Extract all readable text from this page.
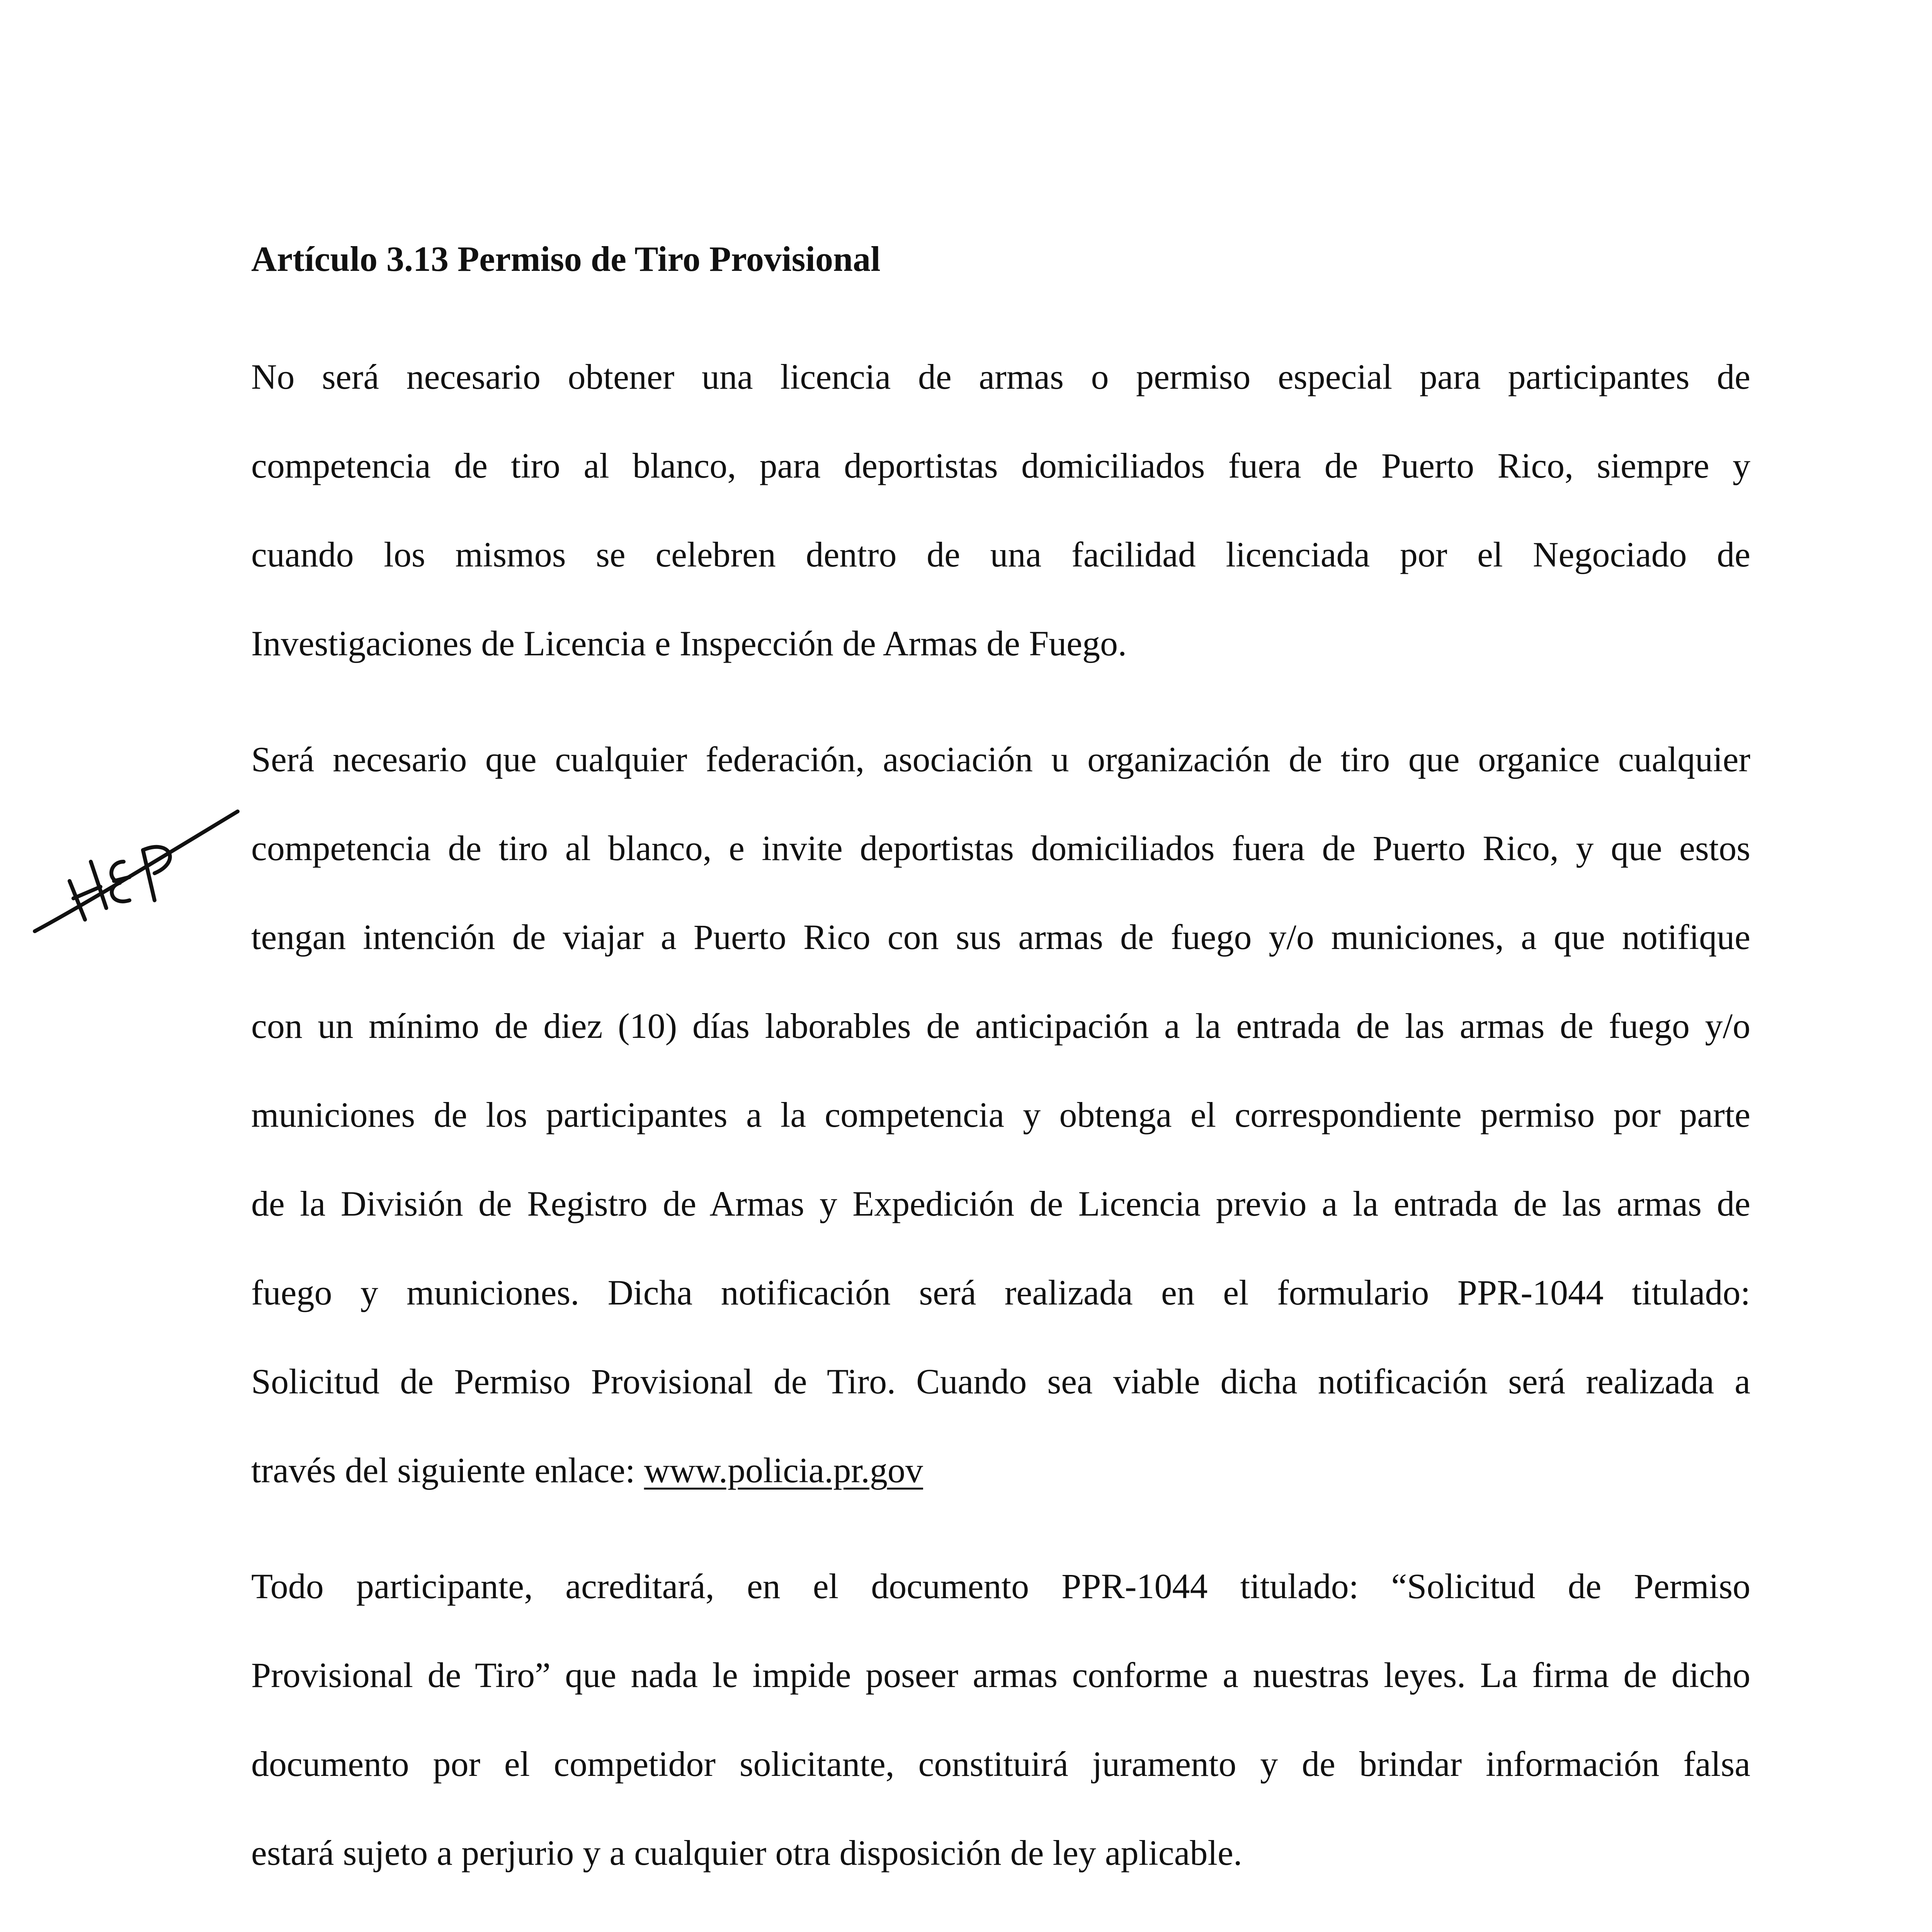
Artículo 3.13 Permiso de Tiro Provisional

No será necesario obtener una licencia de armas o permiso especial para participantes de
competencia de tiro al blanco, para deportistas domiciliados fuera de Puerto Rico, siempre y
cuando los mismos se celebren dentro de una facilidad licenciada por el Negociado de
Investigaciones de Licencia e Inspección de Armas de Fuego.

Será necesario que cualquier federación, asociación u organización de tiro que organice cualquier
competencia de tiro al blanco, e invite deportistas domiciliados fuera de Puerto Rico, y que estos
tengan intención de viajar a Puerto Rico con sus armas de fuego y/o municiones, a que notifique
con un mínimo de diez (10) días laborables de anticipación a la entrada de las armas de fuego y/o
municiones de los participantes a la competencia y obtenga el correspondiente permiso por parte
de la División de Registro de Armas y Expedición de Licencia previo a la entrada de las armas de
fuego y municiones. Dicha notificación será realizada en el formulario PPR-1044 titulado:
Solicitud de Permiso Provisional de Tiro. Cuando sea viable dicha notificación será realizada a
través del siguiente enlace: www.policia.pr.gov

Todo participante, acreditará, en el documento PPR-1044 titulado: “Solicitud de Permiso
Provisional de Tiro” que nada le impide poseer armas conforme a nuestras leyes. La firma de dicho
documento por el competidor solicitante, constituirá juramento y de brindar información falsa
estará sujeto a perjurio y a cualquier otra disposición de ley aplicable.
